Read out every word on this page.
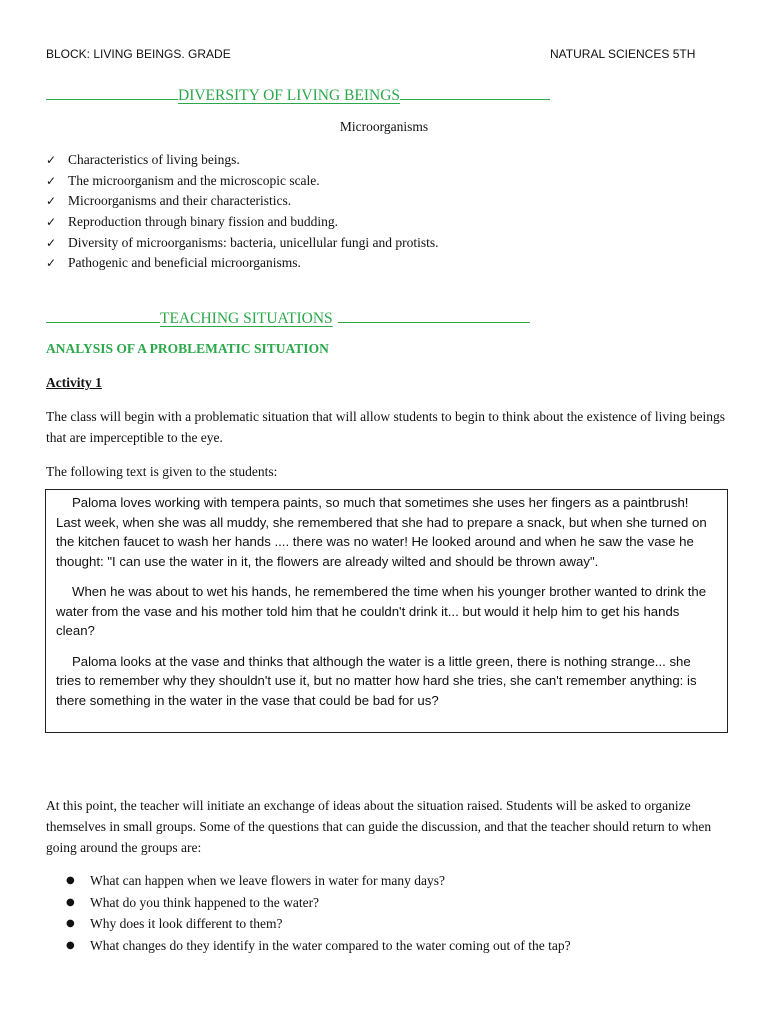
BLOCK: LIVING BEINGS. GRADE	NATURAL SCIENCES 5TH
DIVERSITY OF LIVING BEINGS
Microorganisms
✓ Characteristics of living beings.
✓ The microorganism and the microscopic scale.
✓ Microorganisms and their characteristics.
✓ Reproduction through binary fission and budding.
✓ Diversity of microorganisms: bacteria, unicellular fungi and protists.
✓ Pathogenic and beneficial microorganisms.
TEACHING SITUATIONS
ANALYSIS OF A PROBLEMATIC SITUATION
Activity 1

The class will begin with a problematic situation that will allow students to begin to think about the existence of living beings that are imperceptible to the eye.

The following text is given to the students:

Paloma loves working with tempera paints, so much that sometimes she uses her fingers as a paintbrush! Last week, when she was all muddy, she remembered that she had to prepare a snack, but when she turned on the kitchen faucet to wash her hands .... there was no water! He looked around and when he saw the vase he thought: "I can use the water in it, the flowers are already wilted and should be thrown away".

When he was about to wet his hands, he remembered the time when his younger brother wanted to drink the water from the vase and his mother told him that he couldn't drink it... but would it help him to get his hands clean?

Paloma looks at the vase and thinks that although the water is a little green, there is nothing strange... she tries to remember why they shouldn't use it, but no matter how hard she tries, she can't remember anything: is there something in the water in the vase that could be bad for us?

At this point, the teacher will initiate an exchange of ideas about the situation raised. Students will be asked to organize themselves in small groups. Some of the questions that can guide the discussion, and that the teacher should return to when going around the groups are:

●	What can happen when we leave flowers in water for many days?
●	What do you think happened to the water?
●	Why does it look different to them?
●	What changes do they identify in the water compared to the water coming out of the tap?
